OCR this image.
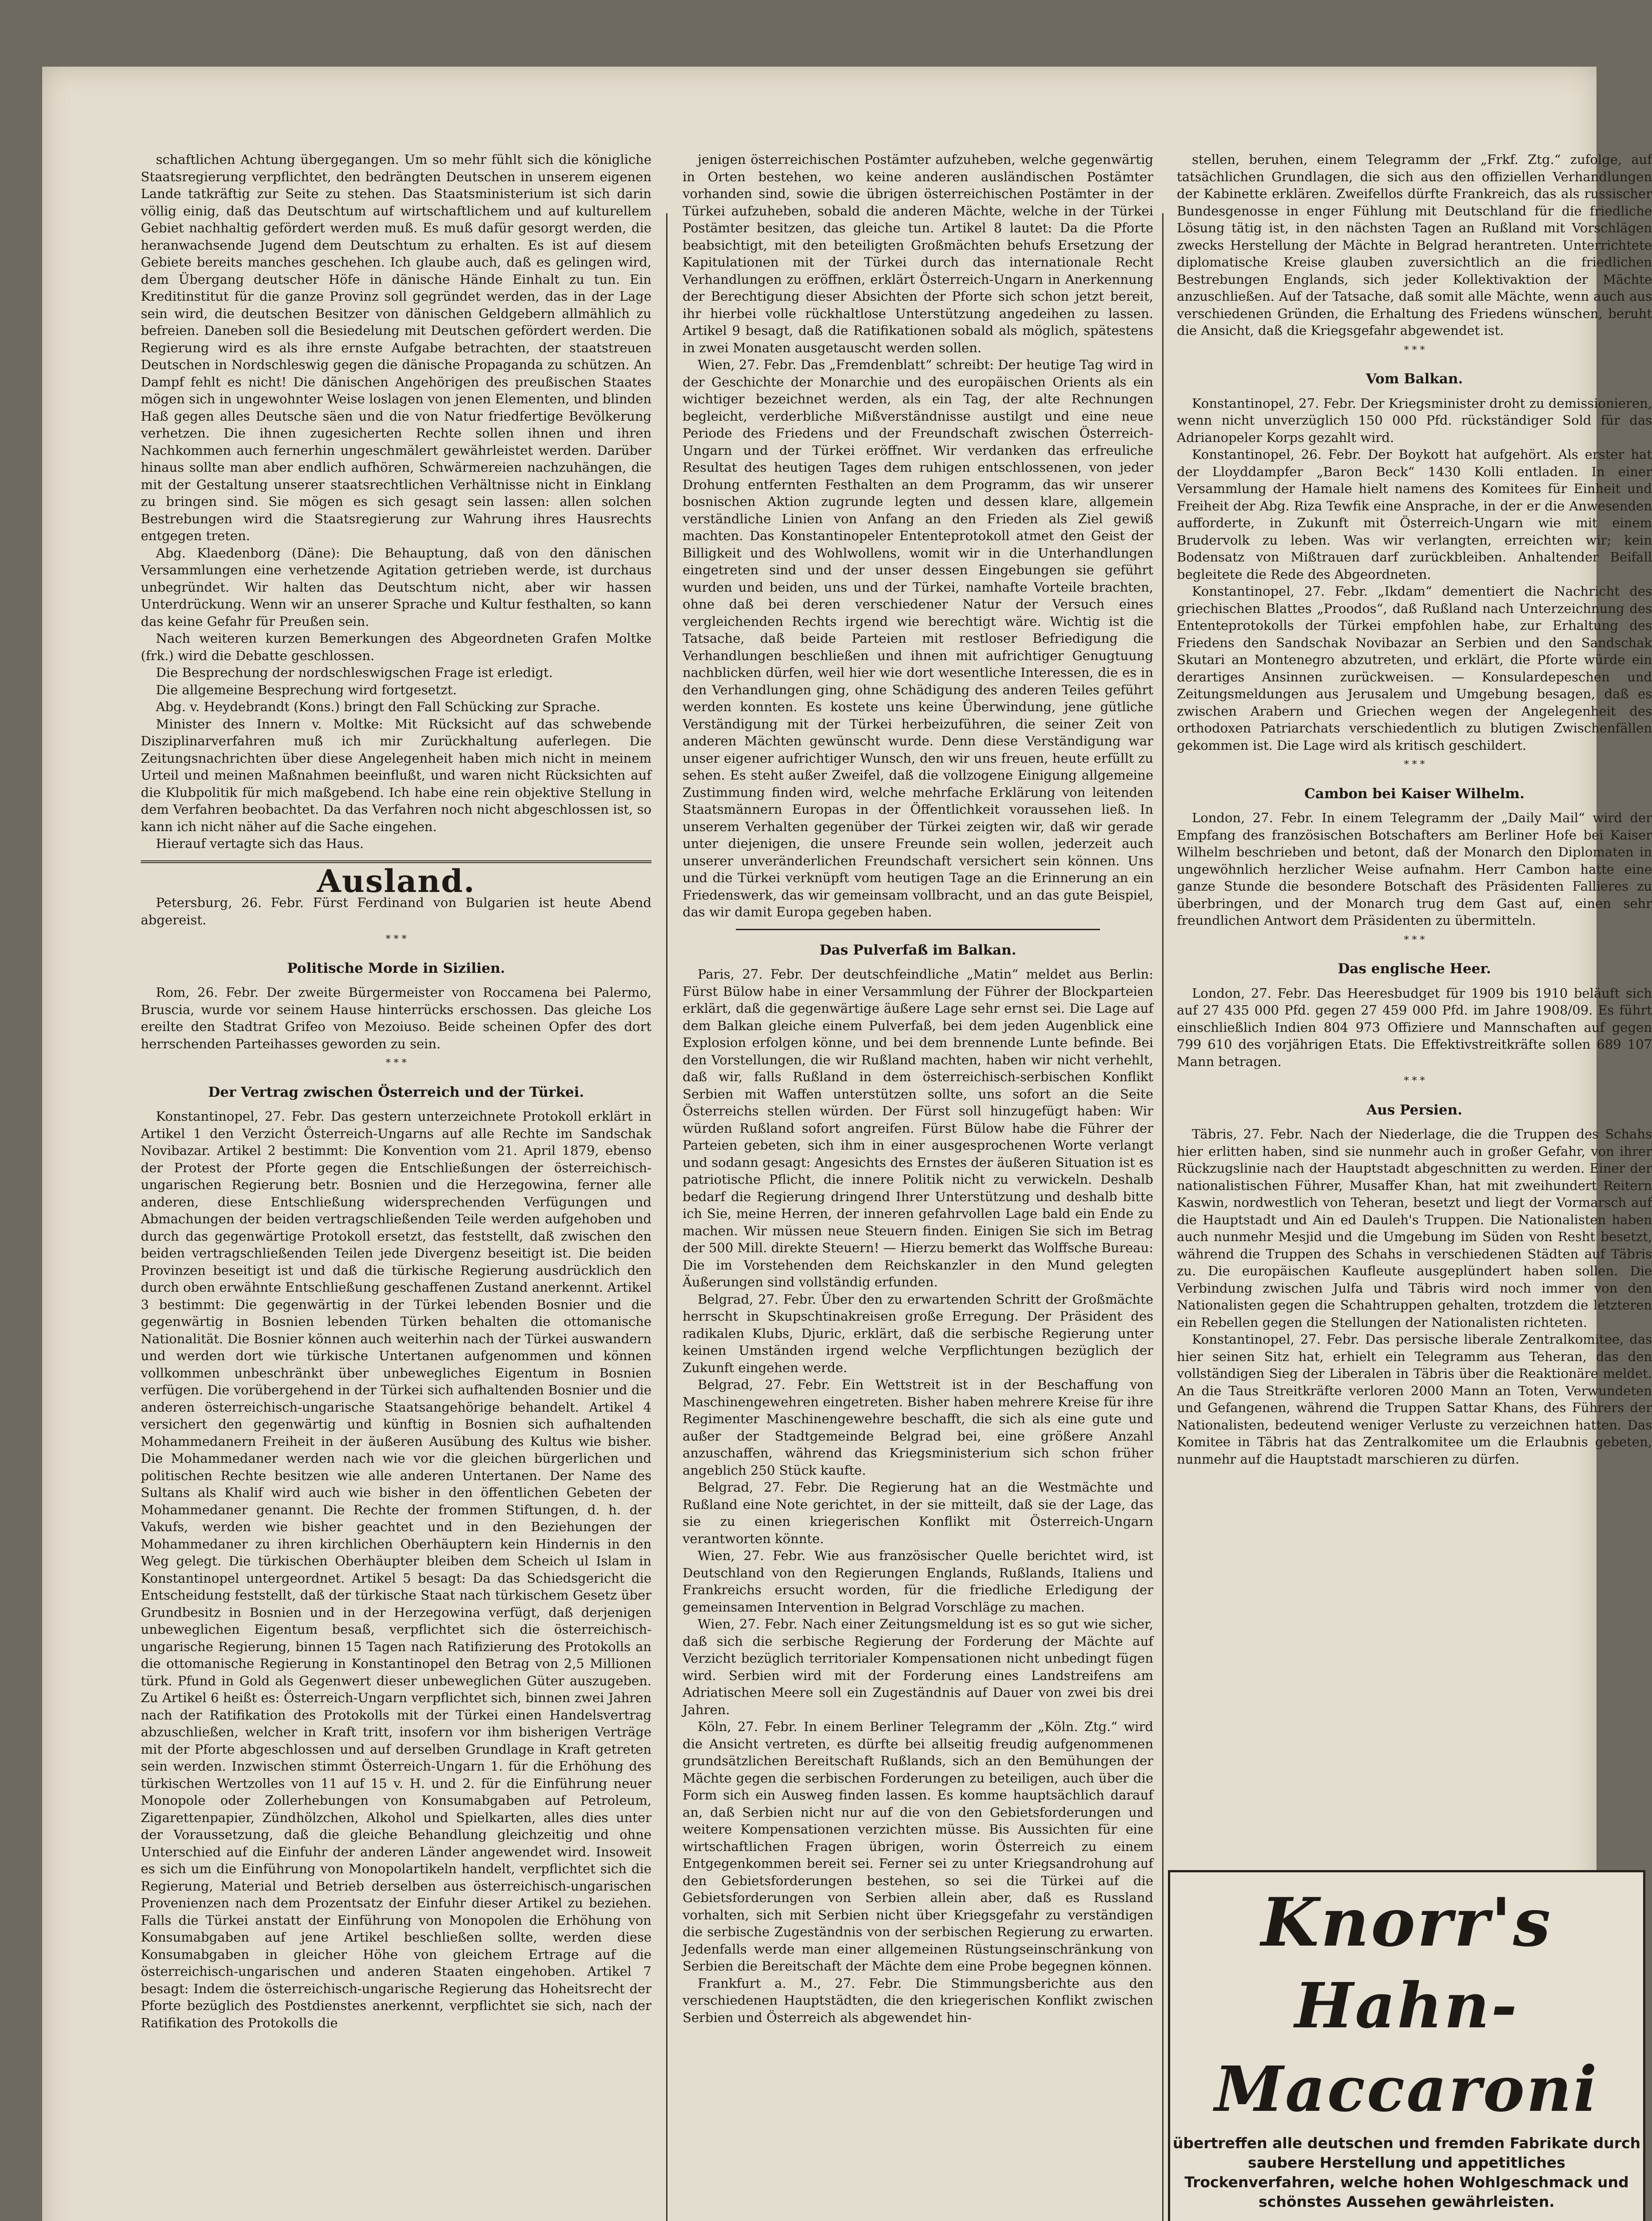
schaftlichen Achtung übergegangen. Um so mehr fühlt sich die königliche Staatsregierung verpflichtet, den bedrängten Deutschen in unserem eigenen Lande tatkräftig zur Seite zu stehen. Das Staatsministerium ist sich darin völlig einig, daß das Deutschtum auf wirtschaftlichem und auf kulturellem Gebiet nachhaltig gefördert werden muß. Es muß dafür gesorgt werden, die heranwachsende Jugend dem Deutschtum zu erhalten. Es ist auf diesem Gebiete bereits manches geschehen. Ich glaube auch, daß es gelingen wird, dem Übergang deutscher Höfe in dänische Hände Einhalt zu tun. Ein Kreditinstitut für die ganze Provinz soll gegründet werden, das in der Lage sein wird, die deutschen Besitzer von dänischen Geldgebern allmählich zu befreien. Daneben soll die Besiedelung mit Deutschen gefördert werden. Die Regierung wird es als ihre ernste Aufgabe betrachten, der staatstreuen Deutschen in Nordschleswig gegen die dänische Propaganda zu schützen. An Dampf fehlt es nicht! Die dänischen Angehörigen des preußischen Staates mögen sich in ungewohnter Weise loslagen von jenen Elementen, und blinden Haß gegen alles Deutsche säen und die von Natur friedfertige Bevölkerung verhetzen. Die ihnen zugesicherten Rechte sollen ihnen und ihren Nachkommen auch fernerhin ungeschmälert gewährleistet werden. Darüber hinaus sollte man aber endlich aufhören, Schwärmereien nachzuhängen, die mit der Gestaltung unserer staatsrechtlichen Verhältnisse nicht in Einklang zu bringen sind. Sie mögen es sich gesagt sein lassen: allen solchen Bestrebungen wird die Staatsregierung zur Wahrung ihres Hausrechts entgegen treten.

Abg. Klaedenborg (Däne): Die Behauptung, daß von den dänischen Versammlungen eine verhetzende Agitation getrieben werde, ist durchaus unbegründet. Wir halten das Deutschtum nicht, aber wir hassen Unterdrückung. Wenn wir an unserer Sprache und Kultur festhalten, so kann das keine Gefahr für Preußen sein.

Nach weiteren kurzen Bemerkungen des Abgeordneten Grafen Moltke (frk.) wird die Debatte geschlossen.

Die Besprechung der nordschleswigschen Frage ist erledigt.

Die allgemeine Besprechung wird fortgesetzt.

Abg. v. Heydebrandt (Kons.) bringt den Fall Schücking zur Sprache.

Minister des Innern v. Moltke: Mit Rücksicht auf das schwebende Disziplinarverfahren muß ich mir Zurückhaltung auferlegen. Die Zeitungsnachrichten über diese Angelegenheit haben mich nicht in meinem Urteil und meinen Maßnahmen beeinflußt, und waren nicht Rücksichten auf die Klubpolitik für mich maßgebend. Ich habe eine rein objektive Stellung in dem Verfahren beobachtet. Da das Verfahren noch nicht abgeschlossen ist, so kann ich nicht näher auf die Sache eingehen.

Hierauf vertagte sich das Haus.

Ausland.

Petersburg, 26. Febr. Fürst Ferdinand von Bulgarien ist heute Abend abgereist.

* * *
Politische Morde in Sizilien.

Rom, 26. Febr. Der zweite Bürgermeister von Roccamena bei Palermo, Bruscia, wurde vor seinem Hause hinterrücks erschossen. Das gleiche Los ereilte den Stadtrat Grifeo von Mezoiuso. Beide scheinen Opfer des dort herrschenden Parteihasses geworden zu sein.

* * *
Der Vertrag zwischen Österreich und der Türkei.

Konstantinopel, 27. Febr. Das gestern unterzeichnete Protokoll erklärt in Artikel 1 den Verzicht Österreich-Ungarns auf alle Rechte im Sandschak Novibazar. Artikel 2 bestimmt: Die Konvention vom 21. April 1879, ebenso der Protest der Pforte gegen die Entschließungen der österreichisch-ungarischen Regierung betr. Bosnien und die Herzegowina, ferner alle anderen, diese Entschließung widersprechenden Verfügungen und Abmachungen der beiden vertragschließenden Teile werden aufgehoben und durch das gegenwärtige Protokoll ersetzt, das feststellt, daß zwischen den beiden vertragschließenden Teilen jede Divergenz beseitigt ist. Die beiden Provinzen beseitigt ist und daß die türkische Regierung ausdrücklich den durch oben erwähnte Entschließung geschaffenen Zustand anerkennt. Artikel 3 bestimmt: Die gegenwärtig in der Türkei lebenden Bosnier und die gegenwärtig in Bosnien lebenden Türken behalten die ottomanische Nationalität. Die Bosnier können auch weiterhin nach der Türkei auswandern und werden dort wie türkische Untertanen aufgenommen und können vollkommen unbeschränkt über unbewegliches Eigentum in Bosnien verfügen. Die vorübergehend in der Türkei sich aufhaltenden Bosnier und die anderen österreichisch-ungarische Staatsangehörige behandelt. Artikel 4 versichert den gegenwärtig und künftig in Bosnien sich aufhaltenden Mohammedanern Freiheit in der äußeren Ausübung des Kultus wie bisher. Die Mohammedaner werden nach wie vor die gleichen bürgerlichen und politischen Rechte besitzen wie alle anderen Untertanen. Der Name des Sultans als Khalif wird auch wie bisher in den öffentlichen Gebeten der Mohammedaner genannt. Die Rechte der frommen Stiftungen, d. h. der Vakufs, werden wie bisher geachtet und in den Beziehungen der Mohammedaner zu ihren kirchlichen Oberhäuptern kein Hindernis in den Weg gelegt. Die türkischen Oberhäupter bleiben dem Scheich ul Islam in Konstantinopel untergeordnet. Artikel 5 besagt: Da das Schiedsgericht die Entscheidung feststellt, daß der türkische Staat nach türkischem Gesetz über Grundbesitz in Bosnien und in der Herzegowina verfügt, daß derjenigen unbeweglichen Eigentum besaß, verpflichtet sich die österreichisch-ungarische Regierung, binnen 15 Tagen nach Ratifizierung des Protokolls an die ottomanische Regierung in Konstantinopel den Betrag von 2,5 Millionen türk. Pfund in Gold als Gegenwert dieser unbeweglichen Güter auszugeben. Zu Artikel 6 heißt es: Österreich-Ungarn verpflichtet sich, binnen zwei Jahren nach der Ratifikation des Protokolls mit der Türkei einen Handelsvertrag abzuschließen, welcher in Kraft tritt, insofern vor ihm bisherigen Verträge mit der Pforte abgeschlossen und auf derselben Grundlage in Kraft getreten sein werden. Inzwischen stimmt Österreich-Ungarn 1. für die Erhöhung des türkischen Wertzolles von 11 auf 15 v. H. und 2. für die Einführung neuer Monopole oder Zollerhebungen von Konsumabgaben auf Petroleum, Zigarettenpapier, Zündhölzchen, Alkohol und Spielkarten, alles dies unter der Voraussetzung, daß die gleiche Behandlung gleichzeitig und ohne Unterschied auf die Einfuhr der anderen Länder angewendet wird. Insoweit es sich um die Einführung von Monopolartikeln handelt, verpflichtet sich die Regierung, Material und Betrieb derselben aus österreichisch-ungarischen Provenienzen nach dem Prozentsatz der Einfuhr dieser Artikel zu beziehen. Falls die Türkei anstatt der Einführung von Monopolen die Erhöhung von Konsumabgaben auf jene Artikel beschließen sollte, werden diese Konsumabgaben in gleicher Höhe von gleichem Ertrage auf die österreichisch-ungarischen und anderen Staaten eingehoben. Artikel 7 besagt: Indem die österreichisch-ungarische Regierung das Hoheitsrecht der Pforte bezüglich des Postdienstes anerkennt, verpflichtet sie sich, nach der Ratifikation des Protokolls die

jenigen österreichischen Postämter aufzuheben, welche gegenwärtig in Orten bestehen, wo keine anderen ausländischen Postämter vorhanden sind, sowie die übrigen österreichischen Postämter in der Türkei aufzuheben, sobald die anderen Mächte, welche in der Türkei Postämter besitzen, das gleiche tun. Artikel 8 lautet: Da die Pforte beabsichtigt, mit den beteiligten Großmächten behufs Ersetzung der Kapitulationen mit der Türkei durch das internationale Recht Verhandlungen zu eröffnen, erklärt Österreich-Ungarn in Anerkennung der Berechtigung dieser Absichten der Pforte sich schon jetzt bereit, ihr hierbei volle rückhaltlose Unterstützung angedeihen zu lassen. Artikel 9 besagt, daß die Ratifikationen sobald als möglich, spätestens in zwei Monaten ausgetauscht werden sollen.

Wien, 27. Febr. Das „Fremdenblatt“ schreibt: Der heutige Tag wird in der Geschichte der Monarchie und des europäischen Orients als ein wichtiger bezeichnet werden, als ein Tag, der alte Rechnungen begleicht, verderbliche Mißverständnisse austilgt und eine neue Periode des Friedens und der Freundschaft zwischen Österreich-Ungarn und der Türkei eröffnet. Wir verdanken das erfreuliche Resultat des heutigen Tages dem ruhigen entschlossenen, von jeder Drohung entfernten Festhalten an dem Programm, das wir unserer bosnischen Aktion zugrunde legten und dessen klare, allgemein verständliche Linien von Anfang an den Frieden als Ziel gewiß machten. Das Konstantinopeler Ententeprotokoll atmet den Geist der Billigkeit und des Wohlwollens, womit wir in die Unterhandlungen eingetreten sind und der unser dessen Eingebungen sie geführt wurden und beiden, uns und der Türkei, namhafte Vorteile brachten, ohne daß bei deren verschiedener Natur der Versuch eines vergleichenden Rechts irgend wie berechtigt wäre. Wichtig ist die Tatsache, daß beide Parteien mit restloser Befriedigung die Verhandlungen beschließen und ihnen mit aufrichtiger Genugtuung nachblicken dürfen, weil hier wie dort wesentliche Interessen, die es in den Verhandlungen ging, ohne Schädigung des anderen Teiles geführt werden konnten. Es kostete uns keine Überwindung, jene gütliche Verständigung mit der Türkei herbeizuführen, die seiner Zeit von anderen Mächten gewünscht wurde. Denn diese Verständigung war unser eigener aufrichtiger Wunsch, den wir uns freuen, heute erfüllt zu sehen. Es steht außer Zweifel, daß die vollzogene Einigung allgemeine Zustimmung finden wird, welche mehrfache Erklärung von leitenden Staatsmännern Europas in der Öffentlichkeit voraussehen ließ. In unserem Verhalten gegenüber der Türkei zeigten wir, daß wir gerade unter diejenigen, die unsere Freunde sein wollen, jederzeit auch unserer unveränderlichen Freundschaft versichert sein können. Uns und die Türkei verknüpft vom heutigen Tage an die Erinnerung an ein Friedenswerk, das wir gemeinsam vollbracht, und an das gute Beispiel, das wir damit Europa gegeben haben.

Das Pulverfaß im Balkan.

Paris, 27. Febr. Der deutschfeindliche „Matin“ meldet aus Berlin: Fürst Bülow habe in einer Versammlung der Führer der Blockparteien erklärt, daß die gegenwärtige äußere Lage sehr ernst sei. Die Lage auf dem Balkan gleiche einem Pulverfaß, bei dem jeden Augenblick eine Explosion erfolgen könne, und bei dem brennende Lunte befinde. Bei den Vorstellungen, die wir Rußland machten, haben wir nicht verhehlt, daß wir, falls Rußland in dem österreichisch-serbischen Konflikt Serbien mit Waffen unterstützen sollte, uns sofort an die Seite Österreichs stellen würden. Der Fürst soll hinzugefügt haben: Wir würden Rußland sofort angreifen. Fürst Bülow habe die Führer der Parteien gebeten, sich ihm in einer ausgesprochenen Worte verlangt und sodann gesagt: Angesichts des Ernstes der äußeren Situation ist es patriotische Pflicht, die innere Politik nicht zu verwickeln. Deshalb bedarf die Regierung dringend Ihrer Unterstützung und deshalb bitte ich Sie, meine Herren, der inneren gefahrvollen Lage bald ein Ende zu machen. Wir müssen neue Steuern finden. Einigen Sie sich im Betrag der 500 Mill. direkte Steuern! — Hierzu bemerkt das Wolffsche Bureau: Die im Vorstehenden dem Reichskanzler in den Mund gelegten Äußerungen sind vollständig erfunden.

Belgrad, 27. Febr. Über den zu erwartenden Schritt der Großmächte herrscht in Skupschtinakreisen große Erregung. Der Präsident des radikalen Klubs, Djuric, erklärt, daß die serbische Regierung unter keinen Umständen irgend welche Verpflichtungen bezüglich der Zukunft eingehen werde.

Belgrad, 27. Febr. Ein Wettstreit ist in der Beschaffung von Maschinengewehren eingetreten. Bisher haben mehrere Kreise für ihre Regimenter Maschinengewehre beschafft, die sich als eine gute und außer der Stadtgemeinde Belgrad bei, eine größere Anzahl anzuschaffen, während das Kriegsministerium sich schon früher angeblich 250 Stück kaufte.

Belgrad, 27. Febr. Die Regierung hat an die Westmächte und Rußland eine Note gerichtet, in der sie mitteilt, daß sie der Lage, das sie zu einen kriegerischen Konflikt mit Österreich-Ungarn verantworten könnte.

Wien, 27. Febr. Wie aus französischer Quelle berichtet wird, ist Deutschland von den Regierungen Englands, Rußlands, Italiens und Frankreichs ersucht worden, für die friedliche Erledigung der gemeinsamen Intervention in Belgrad Vorschläge zu machen.

Wien, 27. Febr. Nach einer Zeitungsmeldung ist es so gut wie sicher, daß sich die serbische Regierung der Forderung der Mächte auf Verzicht bezüglich territorialer Kompensationen nicht unbedingt fügen wird. Serbien wird mit der Forderung eines Landstreifens am Adriatischen Meere soll ein Zugeständnis auf Dauer von zwei bis drei Jahren.

Köln, 27. Febr. In einem Berliner Telegramm der „Köln. Ztg.“ wird die Ansicht vertreten, es dürfte bei allseitig freudig aufgenommenen grundsätzlichen Bereitschaft Rußlands, sich an den Bemühungen der Mächte gegen die serbischen Forderungen zu beteiligen, auch über die Form sich ein Ausweg finden lassen. Es komme hauptsächlich darauf an, daß Serbien nicht nur auf die von den Gebietsforderungen und weitere Kompensationen verzichten müsse. Bis Aussichten für eine wirtschaftlichen Fragen übrigen, worin Österreich zu einem Entgegenkommen bereit sei. Ferner sei zu unter Kriegsandrohung auf den Gebietsforderungen bestehen, so sei die Türkei auf die Gebietsforderungen von Serbien allein aber, daß es Russland vorhalten, sich mit Serbien nicht über Kriegsgefahr zu verständigen die serbische Zugeständnis von der serbischen Regierung zu erwarten. Jedenfalls werde man einer allgemeinen Rüstungseinschränkung von Serbien die Bereitschaft der Mächte dem eine Probe begegnen können.

Frankfurt a. M., 27. Febr. Die Stimmungsberichte aus den verschiedenen Hauptstädten, die den kriegerischen Konflikt zwischen Serbien und Österreich als abgewendet hin-

stellen, beruhen, einem Telegramm der „Frkf. Ztg.“ zufolge, auf tatsächlichen Grundlagen, die sich aus den offiziellen Verhandlungen der Kabinette erklären. Zweifellos dürfte Frankreich, das als russischer Bundesgenosse in enger Fühlung mit Deutschland für die friedliche Lösung tätig ist, in den nächsten Tagen an Rußland mit Vorschlägen zwecks Herstellung der Mächte in Belgrad herantreten. Unterrichtete diplomatische Kreise glauben zuversichtlich an die friedlichen Bestrebungen Englands, sich jeder Kollektivaktion der Mächte anzuschließen. Auf der Tatsache, daß somit alle Mächte, wenn auch aus verschiedenen Gründen, die Erhaltung des Friedens wünschen, beruht die Ansicht, daß die Kriegsgefahr abgewendet ist.

* * *
Vom Balkan.

Konstantinopel, 27. Febr. Der Kriegsminister droht zu demissionieren, wenn nicht unverzüglich 150 000 Pfd. rückständiger Sold für das Adrianopeler Korps gezahlt wird.

Konstantinopel, 26. Febr. Der Boykott hat aufgehört. Als erster hat der Lloyddampfer „Baron Beck“ 1430 Kolli entladen. In einer Versammlung der Hamale hielt namens des Komitees für Einheit und Freiheit der Abg. Riza Tewfik eine Ansprache, in der er die Anwesenden aufforderte, in Zukunft mit Österreich-Ungarn wie mit einem Brudervolk zu leben. Was wir verlangten, erreichten wir; kein Bodensatz von Mißtrauen darf zurückbleiben. Anhaltender Beifall begleitete die Rede des Abgeordneten.

Konstantinopel, 27. Febr. „Ikdam“ dementiert die Nachricht des griechischen Blattes „Proodos“, daß Rußland nach Unterzeichnung des Ententeprotokolls der Türkei empfohlen habe, zur Erhaltung des Friedens den Sandschak Novibazar an Serbien und den Sandschak Skutari an Montenegro abzutreten, und erklärt, die Pforte würde ein derartiges Ansinnen zurückweisen. — Konsulardepeschen und Zeitungsmeldungen aus Jerusalem und Umgebung besagen, daß es zwischen Arabern und Griechen wegen der Angelegenheit des orthodoxen Patriarchats verschiedentlich zu blutigen Zwischenfällen gekommen ist. Die Lage wird als kritisch geschildert.

* * *
Cambon bei Kaiser Wilhelm.

London, 27. Febr. In einem Telegramm der „Daily Mail“ wird der Empfang des französischen Botschafters am Berliner Hofe bei Kaiser Wilhelm beschrieben und betont, daß der Monarch den Diplomaten in ungewöhnlich herzlicher Weise aufnahm. Herr Cambon hatte eine ganze Stunde die besondere Botschaft des Präsidenten Fallieres zu überbringen, und der Monarch trug dem Gast auf, einen sehr freundlichen Antwort dem Präsidenten zu übermitteln.

* * *
Das englische Heer.

London, 27. Febr. Das Heeresbudget für 1909 bis 1910 beläuft sich auf 27 435 000 Pfd. gegen 27 459 000 Pfd. im Jahre 1908/09. Es führt einschließlich Indien 804 973 Offiziere und Mannschaften auf gegen 799 610 des vorjährigen Etats. Die Effektivstreitkräfte sollen 689 107 Mann betragen.

* * *
Aus Persien.

Täbris, 27. Febr. Nach der Niederlage, die die Truppen des Schahs hier erlitten haben, sind sie nunmehr auch in großer Gefahr, von ihrer Rückzugslinie nach der Hauptstadt abgeschnitten zu werden. Einer der nationalistischen Führer, Musaffer Khan, hat mit zweihundert Reitern Kaswin, nordwestlich von Teheran, besetzt und liegt der Vormarsch auf die Hauptstadt und Ain ed Dauleh's Truppen. Die Nationalisten haben auch nunmehr Mesjid und die Umgebung im Süden von Resht besetzt, während die Truppen des Schahs in verschiedenen Städten auf Täbris zu. Die europäischen Kaufleute ausgeplündert haben sollen. Die Verbindung zwischen Julfa und Täbris wird noch immer von den Nationalisten gegen die Schahtruppen gehalten, trotzdem die letzteren ein Rebellen gegen die Stellungen der Nationalisten richteten.

Konstantinopel, 27. Febr. Das persische liberale Zentralkomitee, das hier seinen Sitz hat, erhielt ein Telegramm aus Teheran, das den vollständigen Sieg der Liberalen in Täbris über die Reaktionäre meldet. An die Taus Streitkräfte verloren 2000 Mann an Toten, Verwundeten und Gefangenen, während die Truppen Sattar Khans, des Führers der Nationalisten, bedeutend weniger Verluste zu verzeichnen hatten. Das Komitee in Täbris hat das Zentralkomitee um die Erlaubnis gebeten, nunmehr auf die Hauptstadt marschieren zu dürfen.

Knorr's
Hahn-
Maccaroni
übertreffen alle deutschen und fremden Fabrikate durch saubere Herstellung und appetitliches Trockenverfahren, welche hohen Wohlgeschmack und schönstes Aussehen gewährleisten.
